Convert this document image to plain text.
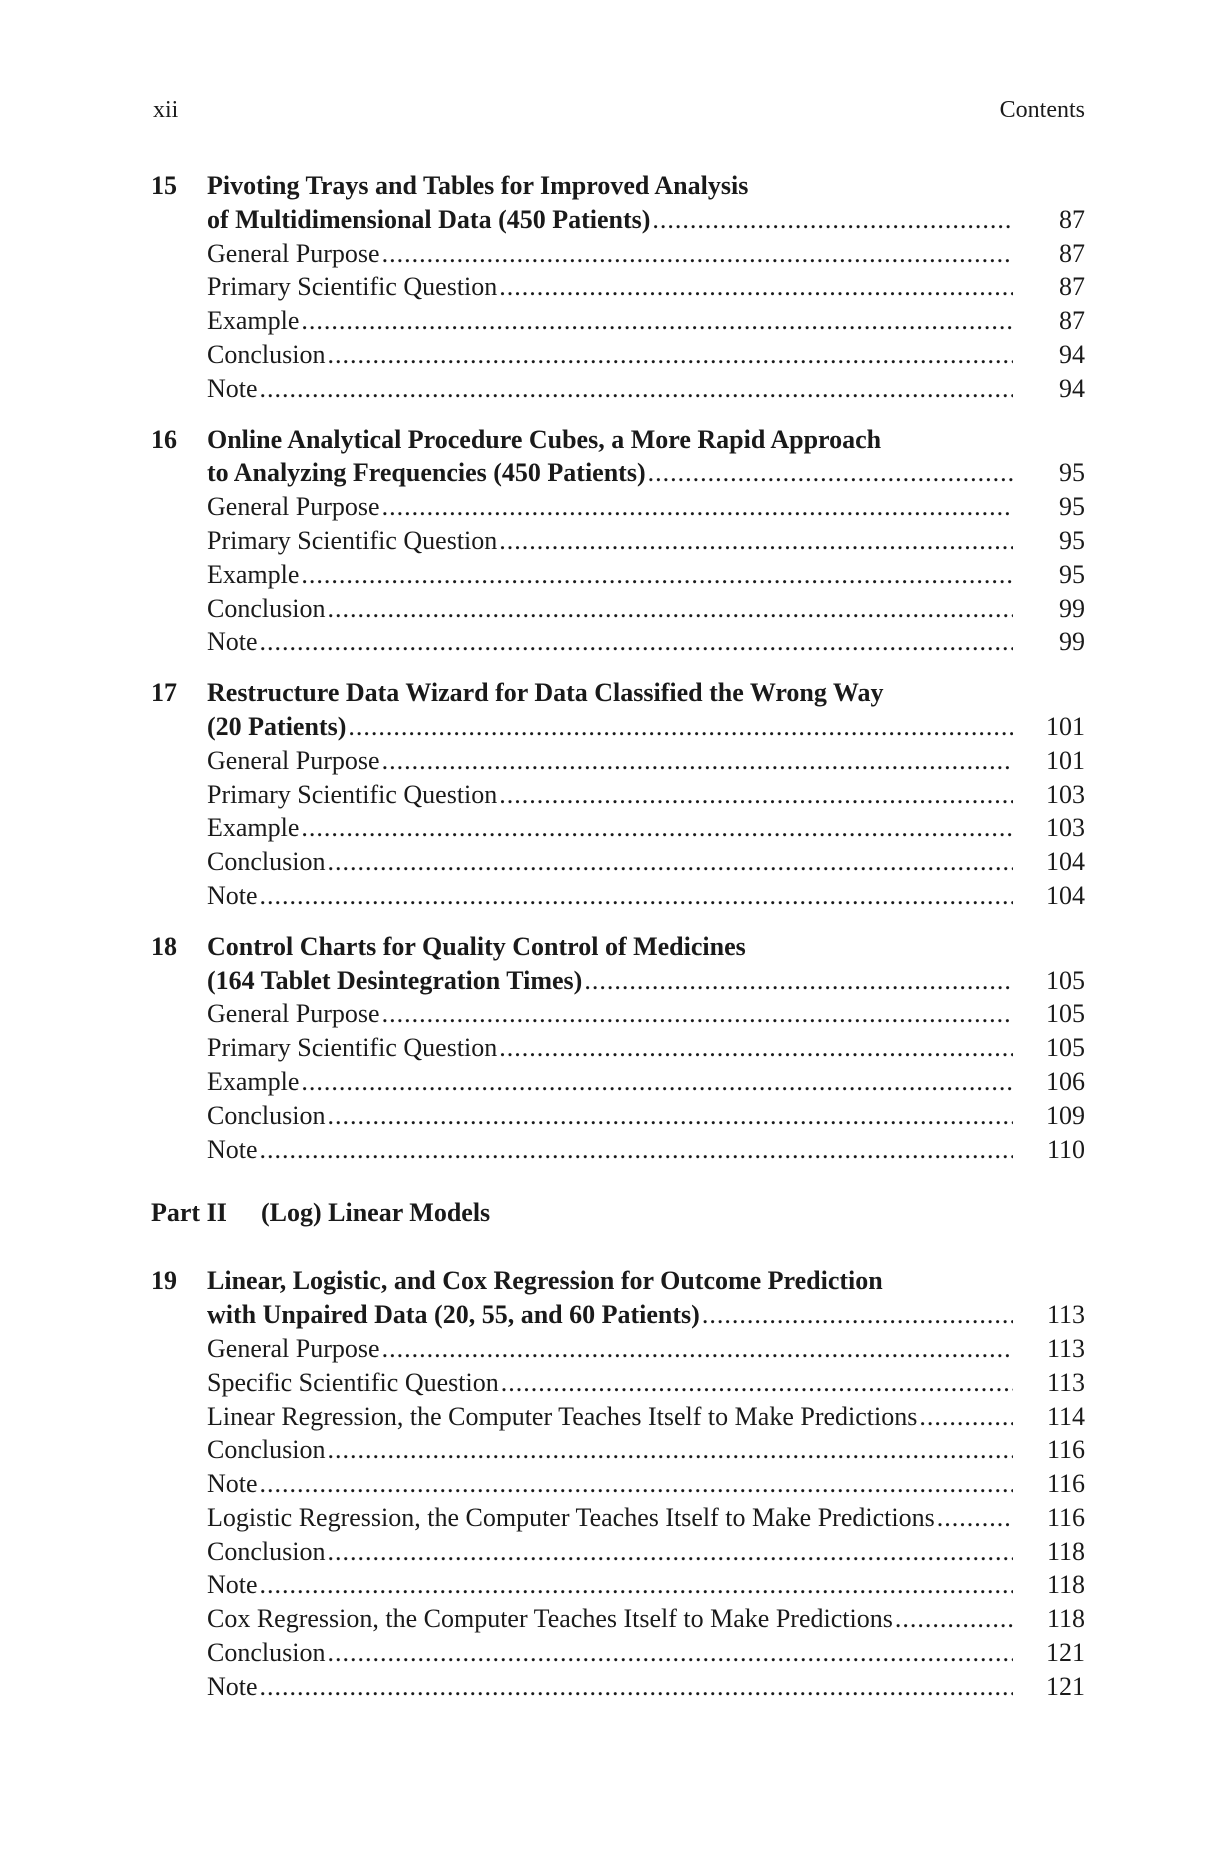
xii	Contents
15	Pivoting Trays and Tables for Improved Analysis
of Multidimensional Data (450 Patients) .....	87
General Purpose .....	87
Primary Scientific Question .....	87
Example .....	87
Conclusion .....	94
Note .....	94
16	Online Analytical Procedure Cubes, a More Rapid Approach
to Analyzing Frequencies (450 Patients) .....	95
General Purpose .....	95
Primary Scientific Question .....	95
Example .....	95
Conclusion .....	99
Note .....	99
17	Restructure Data Wizard for Data Classified the Wrong Way
(20 Patients) .....	101
General Purpose .....	101
Primary Scientific Question .....	103
Example .....	103
Conclusion .....	104
Note .....	104
18	Control Charts for Quality Control of Medicines
(164 Tablet Desintegration Times) .....	105
General Purpose .....	105
Primary Scientific Question .....	105
Example .....	106
Conclusion .....	109
Note .....	110
Part II	(Log) Linear Models
19	Linear, Logistic, and Cox Regression for Outcome Prediction
with Unpaired Data (20, 55, and 60 Patients) .....	113
General Purpose .....	113
Specific Scientific Question .....	113
Linear Regression, the Computer Teaches Itself to Make Predictions .....	114
Conclusion .....	116
Note .....	116
Logistic Regression, the Computer Teaches Itself to Make Predictions .....	116
Conclusion .....	118
Note .....	118
Cox Regression, the Computer Teaches Itself to Make Predictions .....	118
Conclusion .....	121
Note .....	121
